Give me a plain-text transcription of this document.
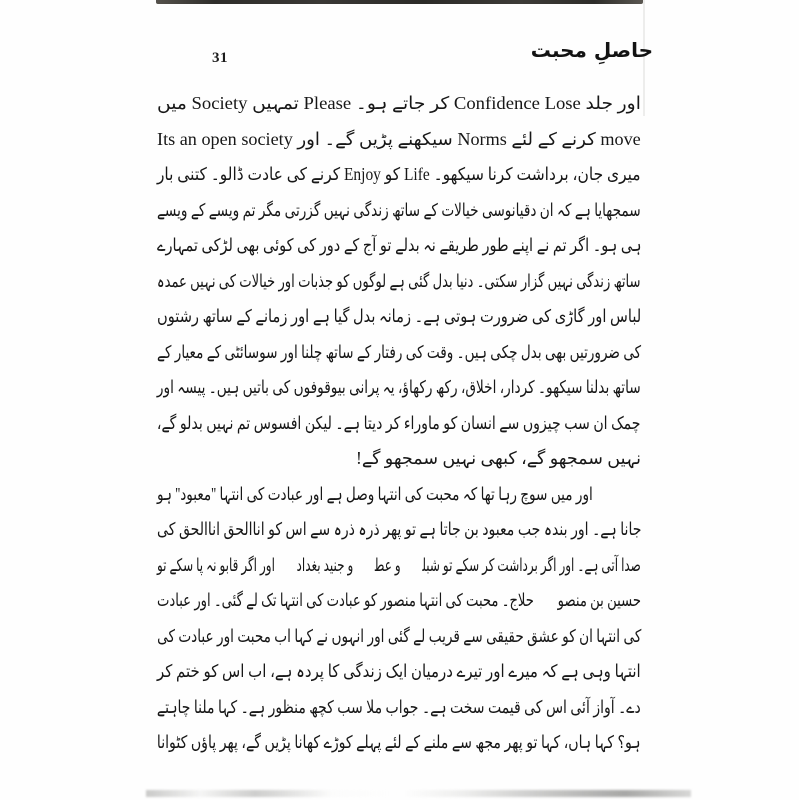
31	حاصلِ محبت
اور جلد Confidence Lose کر جاتے ہو۔ Please تمہیں Society میں
move کرنے کے لئے Norms سیکھنے پڑیں گے۔ اور Its an open society
میری جان، برداشت کرنا سیکھو۔ Life کو Enjoy کرنے کی عادت ڈالو۔ کتنی بار
سمجھایا ہے کہ ان دقیانوسی خیالات کے ساتھ زندگی نہیں گزرتی مگر تم ویسے کے ویسے
ہی ہو۔ اگر تم نے اپنے طور طریقے نہ بدلے تو آج کے دور کی کوئی بھی لڑکی تمہارے
ساتھ زندگی نہیں گزار سکتی۔ دنیا بدل گئی ہے لوگوں کو جذبات اور خیالات کی نہیں عمدہ
لباس اور گاڑی کی ضرورت ہوتی ہے۔ زمانہ بدل گیا ہے اور زمانے کے ساتھ رشتوں
کی ضرورتیں بھی بدل چکی ہیں۔ وقت کی رفتار کے ساتھ چلنا اور سوسائٹی کے معیار کے
ساتھ بدلنا سیکھو۔ کردار، اخلاق، رکھ رکھاؤ، یہ پرانی بیوقوفوں کی باتیں ہیں۔ پیسہ اور
چمک ان سب چیزوں سے انسان کو ماوراء کر دیتا ہے۔ لیکن افسوس تم نہیں بدلو گے،
نہیں سمجھو گے، کبھی نہیں سمجھو گے!
اور میں سوچ رہا تھا کہ محبت کی انتہا وصل ہے اور عبادت کی انتہا ''معبود'' ہو
جانا ہے۔ اور بندہ جب معبود بن جاتا ہے تو پھر ذرہ ذرہ سے اس کو اناالحق اناالحق کی
صدا آتی ہے۔ اور اگر برداشت کر سکے تو شبلیؒ و عطاؒ و جنید بغدادیؒ اور اگر قابو نہ پا سکے تو
حسین بن منصورؒ حلاج۔ محبت کی انتہا منصور کو عبادت کی انتہا تک لے گئی۔ اور عبادت
کی انتہا ان کو عشق حقیقی سے قریب لے گئی اور انہوں نے کہا اب محبت اور عبادت کی
انتہا وہی ہے کہ میرے اور تیرے درمیان ایک زندگی کا پردہ ہے، اب اس کو ختم کر
دے۔ آواز آئی اس کی قیمت سخت ہے۔ جواب ملا سب کچھ منظور ہے۔ کہا ملنا چاہتے
ہو؟ کہا ہاں، کہا تو پھر مجھ سے ملنے کے لئے پہلے کوڑے کھانا پڑیں گے، پھر پاؤں کٹوانا
